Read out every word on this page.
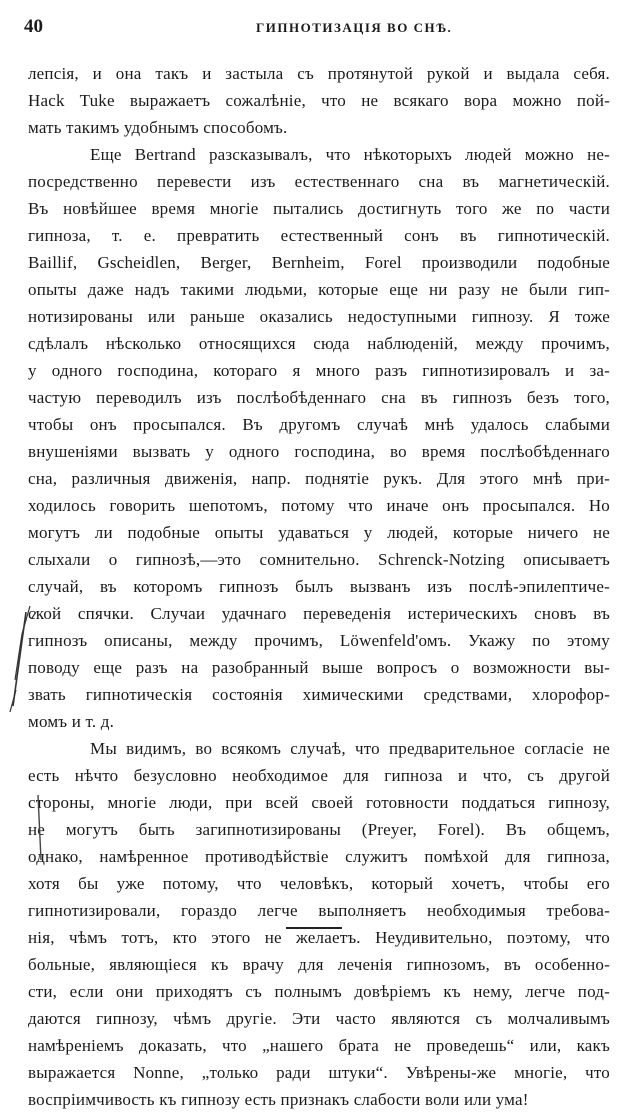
40	ГИПНОТИЗАЦІЯ ВО СНѢ.
лепсія, и она такъ и застыла съ протянутой рукой и выдала себя.
Hack Tuke выражаетъ сожалѣніе, что не всякаго вора можно пой-
мать такимъ удобнымъ способомъ.
Еще Bertrand разсказывалъ, что нѣкоторыхъ людей можно не-
посредственно перевести изъ естественнаго сна въ магнетическій.
Въ новѣйшее время многіе пытались достигнуть того же по части
гипноза, т. е. превратить естественный сонъ въ гипнотическій.
Baillif, Gscheidlen, Berger, Bernheim, Forel производили подобные
опыты даже надъ такими людьми, которые еще ни разу не были гип-
нотизированы или раньше оказались недоступными гипнозу. Я тоже
сдѣлалъ нѣсколько относящихся сюда наблюденій, между прочимъ,
у одного господина, котораго я много разъ гипнотизировалъ и за-
частую переводилъ изъ послѣобѣденнаго сна въ гипнозъ безъ того,
чтобы онъ просыпался. Въ другомъ случаѣ мнѣ удалось слабыми
внушеніями вызвать у одного господина, во время послѣобѣденнаго
сна, различныя движенія, напр. поднятіе рукъ. Для этого мнѣ при-
ходилось говорить шепотомъ, потому что иначе онъ просыпался. Но
могутъ ли подобные опыты удаваться у людей, которые ничего не
слыхали о гипнозѣ,—это сомнительно. Schrenck-Notzing описываетъ
случай, въ которомъ гипнозъ былъ вызванъ изъ послѣ-эпилептиче-
ской спячки. Случаи удачнаго переведенія истерическихъ сновъ въ
гипнозъ описаны, между прочимъ, Löwenfeld'омъ. Укажу по этому
поводу еще разъ на разобранный выше вопросъ о возможности вы-
звать гипнотическія состоянія химическими средствами, хлорофор-
момъ и т. д.
Мы видимъ, во всякомъ случаѣ, что предварительное согласіе не
есть нѣчто безусловно необходимое для гипноза и что, съ другой
стороны, многіе люди, при всей своей готовности поддаться гипнозу,
не могутъ быть загипнотизированы (Preyer, Forel). Въ общемъ,
однако, намѣренное противодѣйствіе служитъ помѣхой для гипноза,
хотя бы уже потому, что человѣкъ, который хочетъ, чтобы его
гипнотизировали, гораздо легче выполняетъ необходимыя требова-
нія, чѣмъ тотъ, кто этого не желаетъ. Неудивительно, поэтому, что
больные, являющіеся къ врачу для леченія гипнозомъ, въ особенно-
сти, если они приходятъ съ полнымъ довѣріемъ къ нему, легче под-
даются гипнозу, чѣмъ другіе. Эти часто являются съ молчаливымъ
намѣреніемъ доказать, что „нашего брата не проведешь“ или, какъ
выражается Nonne, „только ради штуки“. Увѣрены-же многіе, что
воспріимчивость къ гипнозу есть признакъ слабости воли или ума!
